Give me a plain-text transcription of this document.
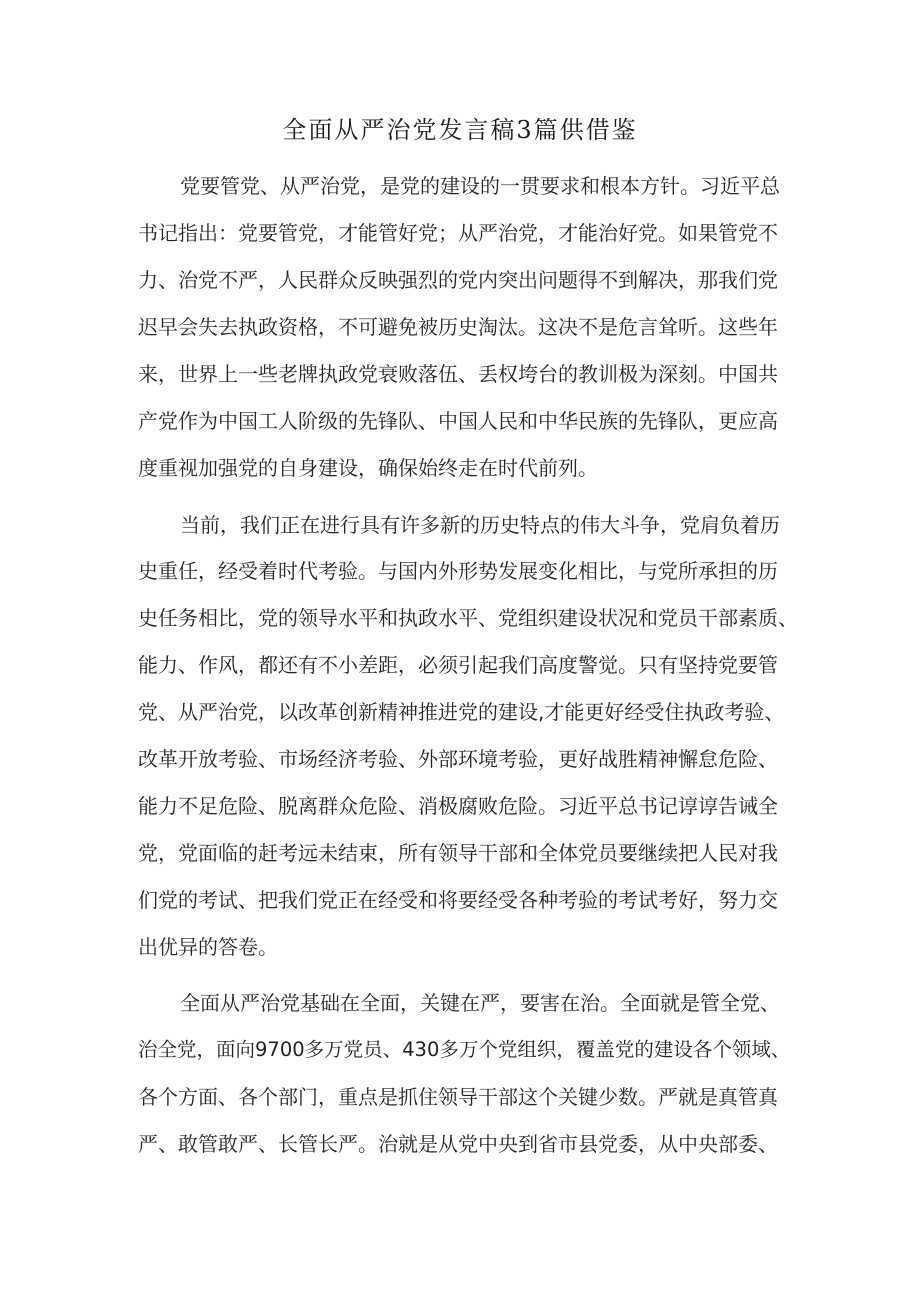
全面从严治党发言稿3篇供借鉴
党要管党、从严治党，是党的建设的一贯要求和根本方针。习近平总
书记指出：党要管党，才能管好党；从严治党，才能治好党。如果管党不
力、治党不严，人民群众反映强烈的党内突出问题得不到解决，那我们党
迟早会失去执政资格，不可避免被历史淘汰。这决不是危言耸听。这些年
来，世界上一些老牌执政党衰败落伍、丢权垮台的教训极为深刻。中国共
产党作为中国工人阶级的先锋队、中国人民和中华民族的先锋队，更应高
度重视加强党的自身建设，确保始终走在时代前列。
当前，我们正在进行具有许多新的历史特点的伟大斗争，党肩负着历
史重任，经受着时代考验。与国内外形势发展变化相比，与党所承担的历
史任务相比，党的领导水平和执政水平、党组织建设状况和党员干部素质、
能力、作风，都还有不小差距，必须引起我们高度警觉。只有坚持党要管
党、从严治党，以改革创新精神推进党的建设,才能更好经受住执政考验、
改革开放考验、市场经济考验、外部环境考验，更好战胜精神懈怠危险、
能力不足危险、脱离群众危险、消极腐败危险。习近平总书记谆谆告诫全
党，党面临的赶考远未结束，所有领导干部和全体党员要继续把人民对我
们党的考试、把我们党正在经受和将要经受各种考验的考试考好，努力交
出优异的答卷。
全面从严治党基础在全面，关键在严，要害在治。全面就是管全党、
治全党，面向9700多万党员、430多万个党组织，覆盖党的建设各个领域、
各个方面、各个部门，重点是抓住领导干部这个关键少数。严就是真管真
严、敢管敢严、长管长严。治就是从党中央到省市县党委，从中央部委、
